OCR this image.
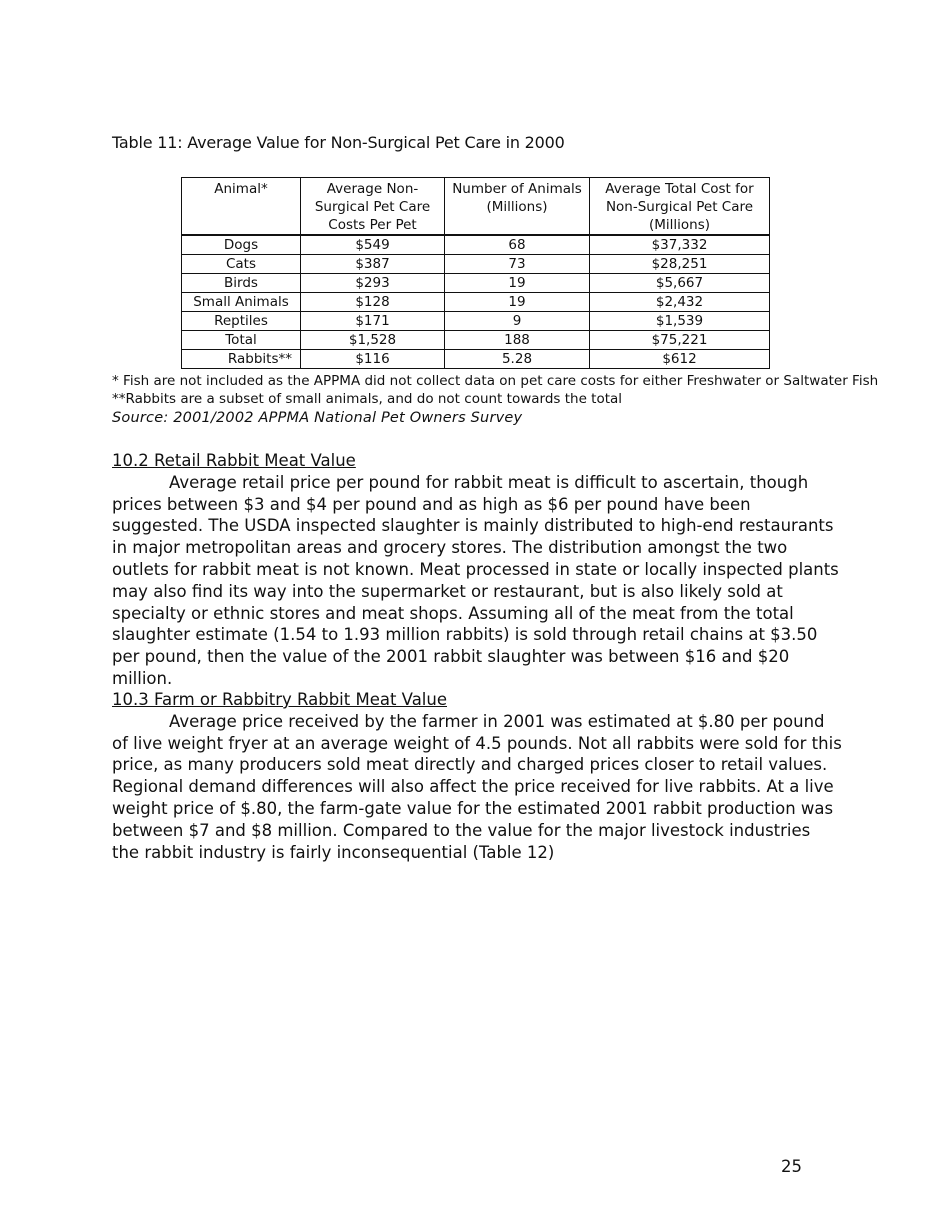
Table 11: Average Value for Non-Surgical Pet Care in 2000
Animal*	Average Non-Surgical Pet Care Costs Per Pet	Number of Animals (Millions)	Average Total Cost for Non-Surgical Pet Care (Millions)
Dogs	$549	68	$37,332
Cats	$387	73	$28,251
Birds	$293	19	$5,667
Small Animals	$128	19	$2,432
Reptiles	$171	9	$1,539
Total	$1,528	188	$75,221
Rabbits**	$116	5.28	$612
* Fish are not included as the APPMA did not collect data on pet care costs for either Freshwater or Saltwater Fish
**Rabbits are a subset of small animals, and do not count towards the total
Source: 2001/2002 APPMA National Pet Owners Survey
10.2 Retail Rabbit Meat Value

Average retail price per pound for rabbit meat is difficult to ascertain, though prices between $3 and $4 per pound and as high as $6 per pound have been suggested. The USDA inspected slaughter is mainly distributed to high-end restaurants in major metropolitan areas and grocery stores. The distribution amongst the two outlets for rabbit meat is not known. Meat processed in state or locally inspected plants may also find its way into the supermarket or restaurant, but is also likely sold at specialty or ethnic stores and meat shops. Assuming all of the meat from the total slaughter estimate (1.54 to 1.93 million rabbits) is sold through retail chains at $3.50 per pound, then the value of the 2001 rabbit slaughter was between $16 and $20 million.

10.3 Farm or Rabbitry Rabbit Meat Value

Average price received by the farmer in 2001 was estimated at $.80 per pound of live weight fryer at an average weight of 4.5 pounds. Not all rabbits were sold for this price, as many producers sold meat directly and charged prices closer to retail values. Regional demand differences will also affect the price received for live rabbits. At a live weight price of $.80, the farm-gate value for the estimated 2001 rabbit production was between $7 and $8 million. Compared to the value for the major livestock industries the rabbit industry is fairly inconsequential (Table 12)

25
